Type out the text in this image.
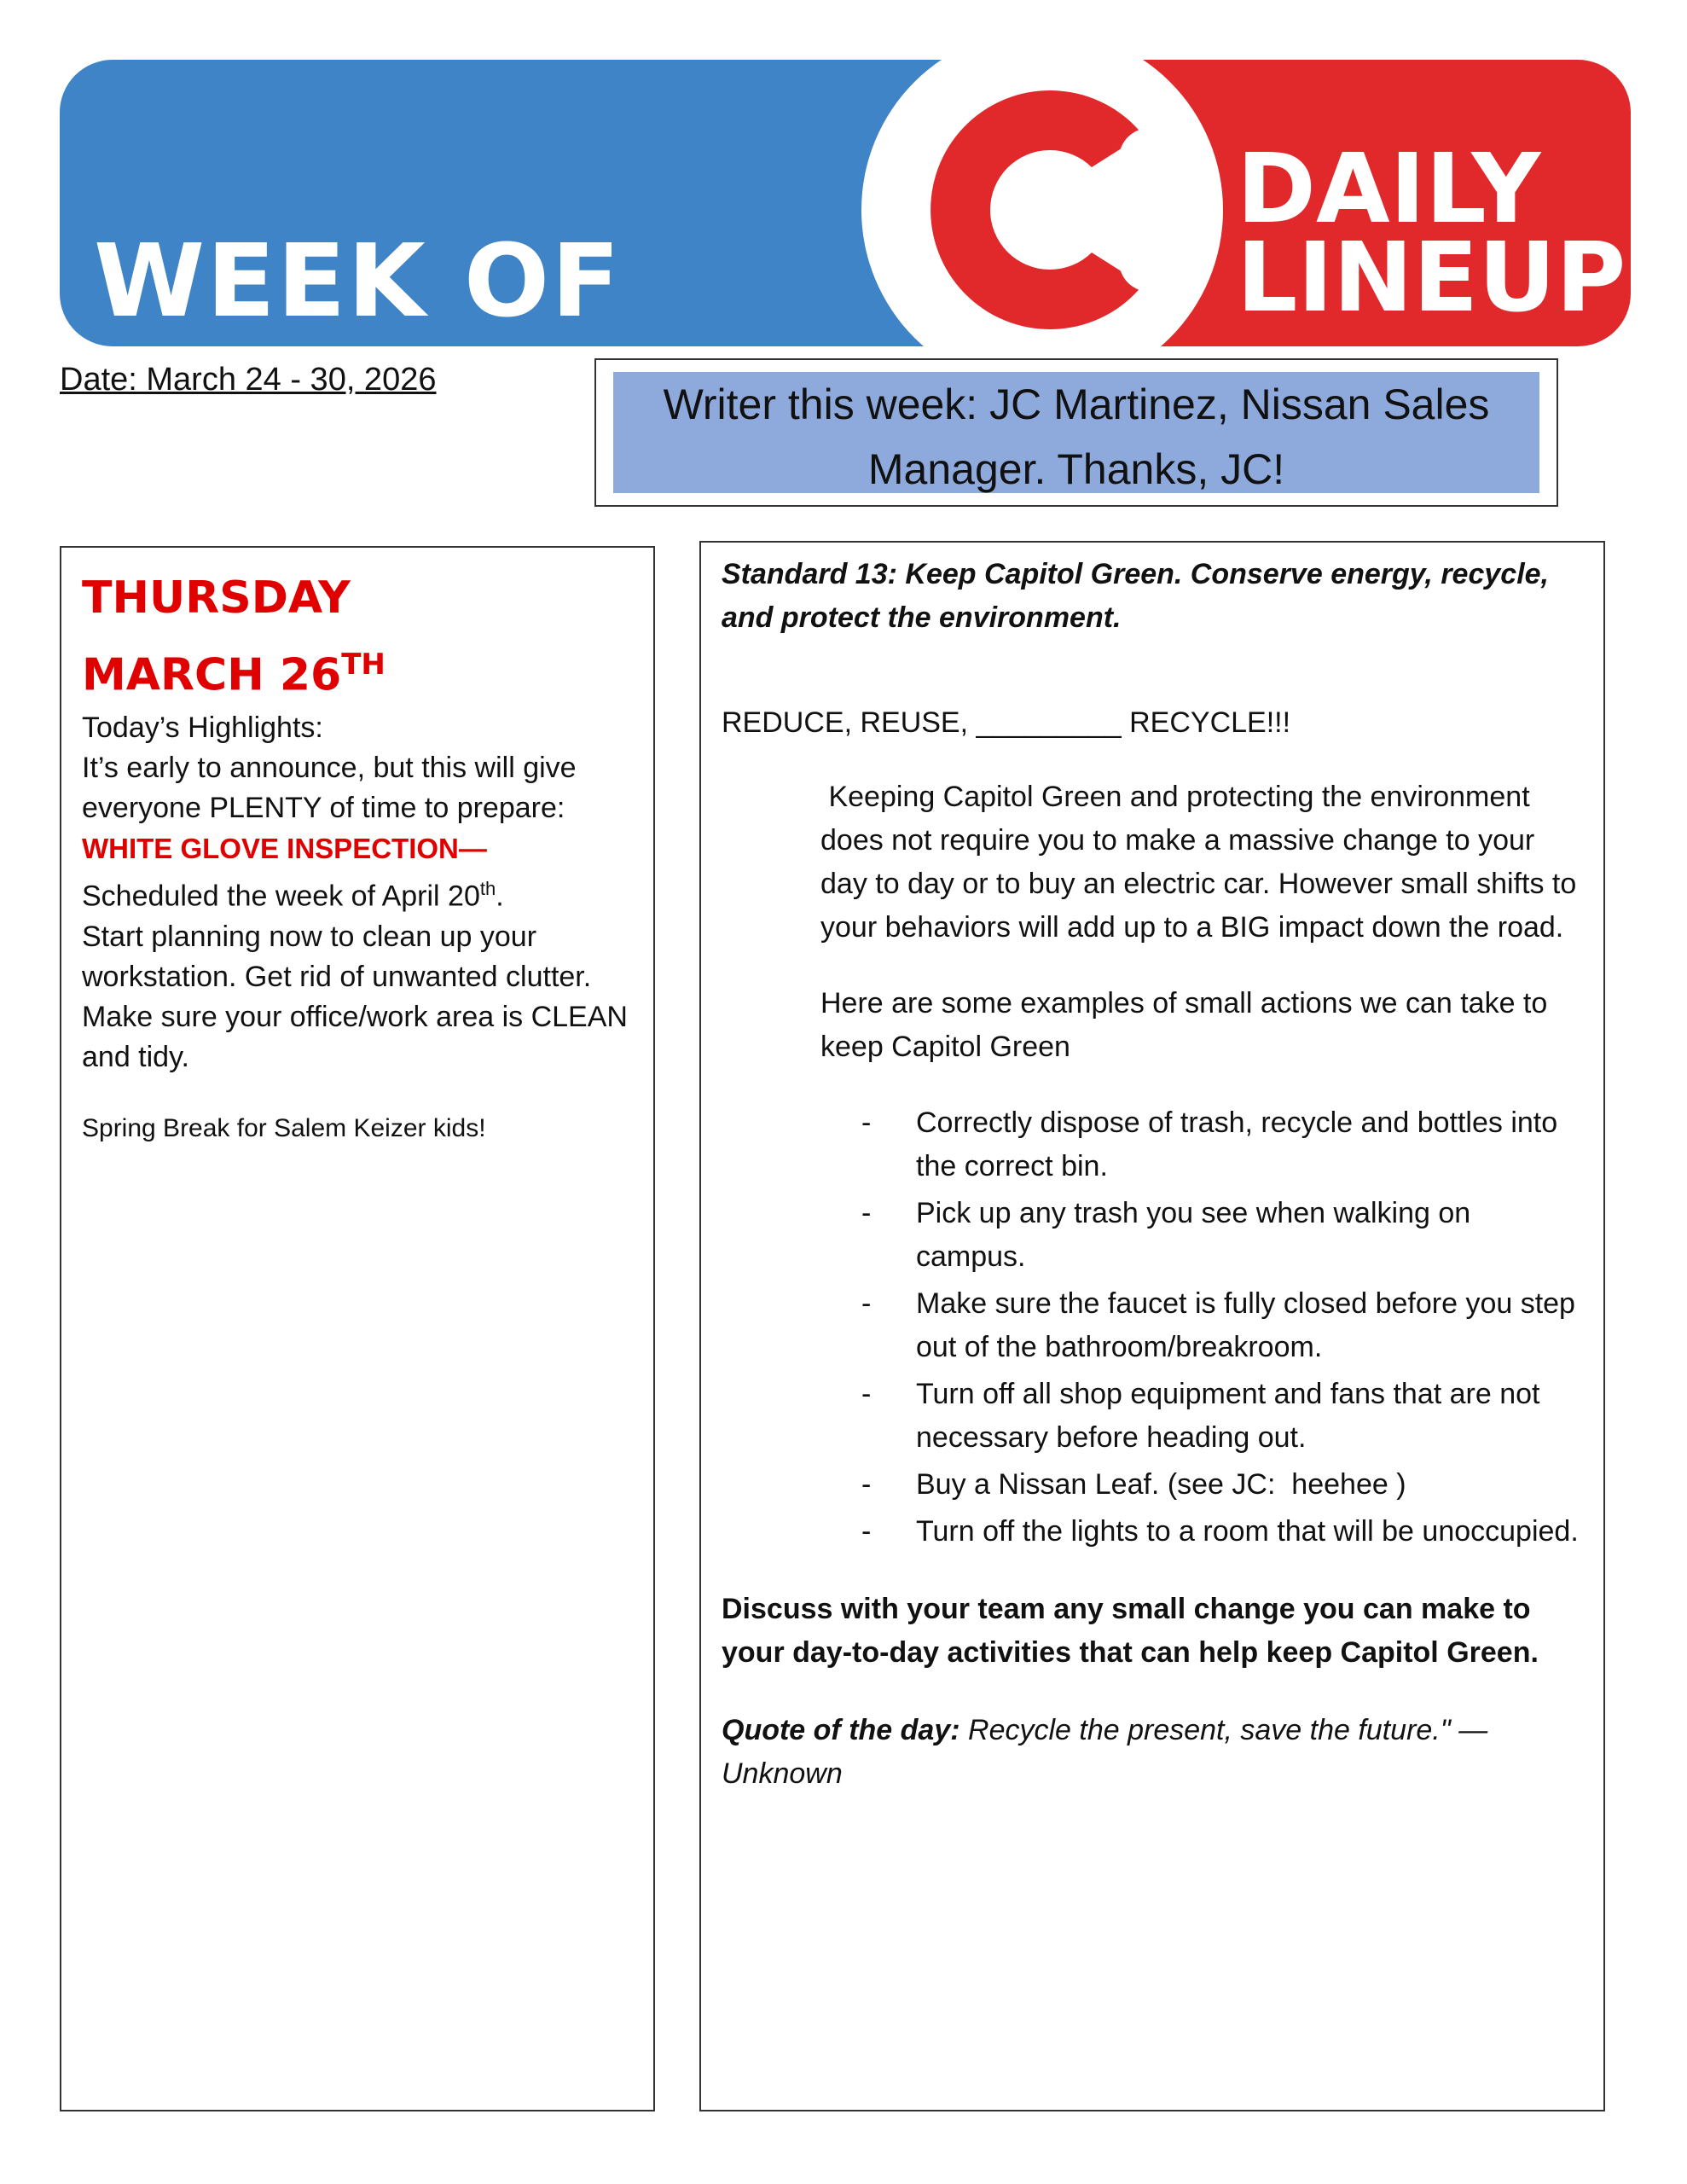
WEEK OF
DAILY
LINEUP
Date: March 24 - 30, 2026
Writer this week: JC Martinez, Nissan Sales Manager. Thanks, JC!
THURSDAY
MARCH 26TH
Today’s Highlights:
It’s early to announce, but this will give everyone PLENTY of time to prepare:
WHITE GLOVE INSPECTION—
Scheduled the week of April 20th.
Start planning now to clean up your workstation. Get rid of unwanted clutter. Make sure your office/work area is CLEAN and tidy.
Spring Break for Salem Keizer kids!

Standard 13: Keep Capitol Green. Conserve energy, recycle, and protect the environment.

REDUCE, REUSE, _________ RECYCLE!!!

Keeping Capitol Green and protecting the environment does not require you to make a massive change to your day to day or to buy an electric car. However small shifts to your behaviors will add up to a BIG impact down the road.
Here are some examples of small actions we can take to keep Capitol Green
- Correctly dispose of trash, recycle and bottles into the correct bin.
- Pick up any trash you see when walking on campus.
- Make sure the faucet is fully closed before you step out of the bathroom/breakroom.
- Turn off all shop equipment and fans that are not necessary before heading out.
- Buy a Nissan Leaf. (see JC:  heehee )
- Turn off the lights to a room that will be unoccupied.
Discuss with your team any small change you can make to your day-to-day activities that can help keep Capitol Green.
Quote of the day: Recycle the present, save the future." — Unknown
